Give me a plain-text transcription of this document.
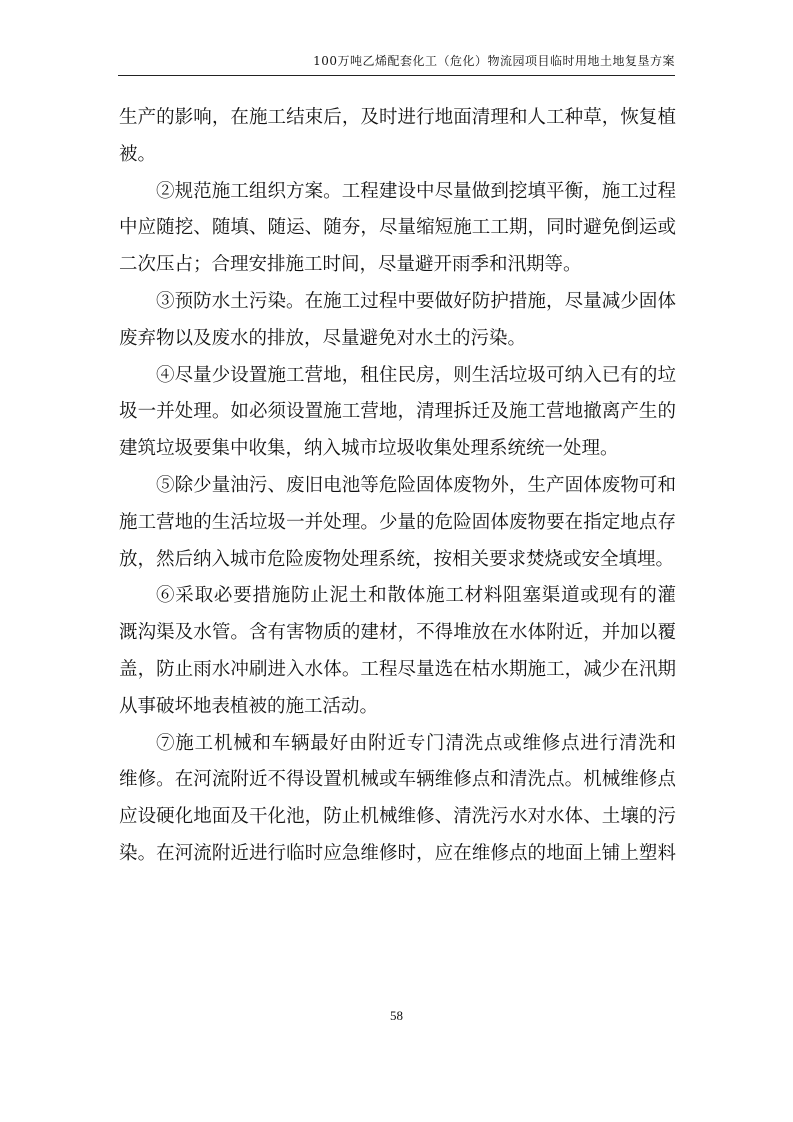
100万吨乙烯配套化工（危化）物流园项目临时用地土地复垦方案
生产的影响，在施工结束后，及时进行地面清理和人工种草，恢复植
被。
②规范施工组织方案。工程建设中尽量做到挖填平衡，施工过程
中应随挖、随填、随运、随夯，尽量缩短施工工期，同时避免倒运或
二次压占；合理安排施工时间，尽量避开雨季和汛期等。
③预防水土污染。在施工过程中要做好防护措施，尽量减少固体
废弃物以及废水的排放，尽量避免对水土的污染。
④尽量少设置施工营地，租住民房，则生活垃圾可纳入已有的垃
圾一并处理。如必须设置施工营地，清理拆迁及施工营地撤离产生的
建筑垃圾要集中收集，纳入城市垃圾收集处理系统统一处理。
⑤除少量油污、废旧电池等危险固体废物外，生产固体废物可和
施工营地的生活垃圾一并处理。少量的危险固体废物要在指定地点存
放，然后纳入城市危险废物处理系统，按相关要求焚烧或安全填埋。
⑥采取必要措施防止泥土和散体施工材料阻塞渠道或现有的灌
溉沟渠及水管。含有害物质的建材，不得堆放在水体附近，并加以覆
盖，防止雨水冲刷进入水体。工程尽量选在枯水期施工，减少在汛期
从事破坏地表植被的施工活动。
⑦施工机械和车辆最好由附近专门清洗点或维修点进行清洗和
维修。在河流附近不得设置机械或车辆维修点和清洗点。机械维修点
应设硬化地面及干化池，防止机械维修、清洗污水对水体、土壤的污
染。在河流附近进行临时应急维修时，应在维修点的地面上铺上塑料
58
